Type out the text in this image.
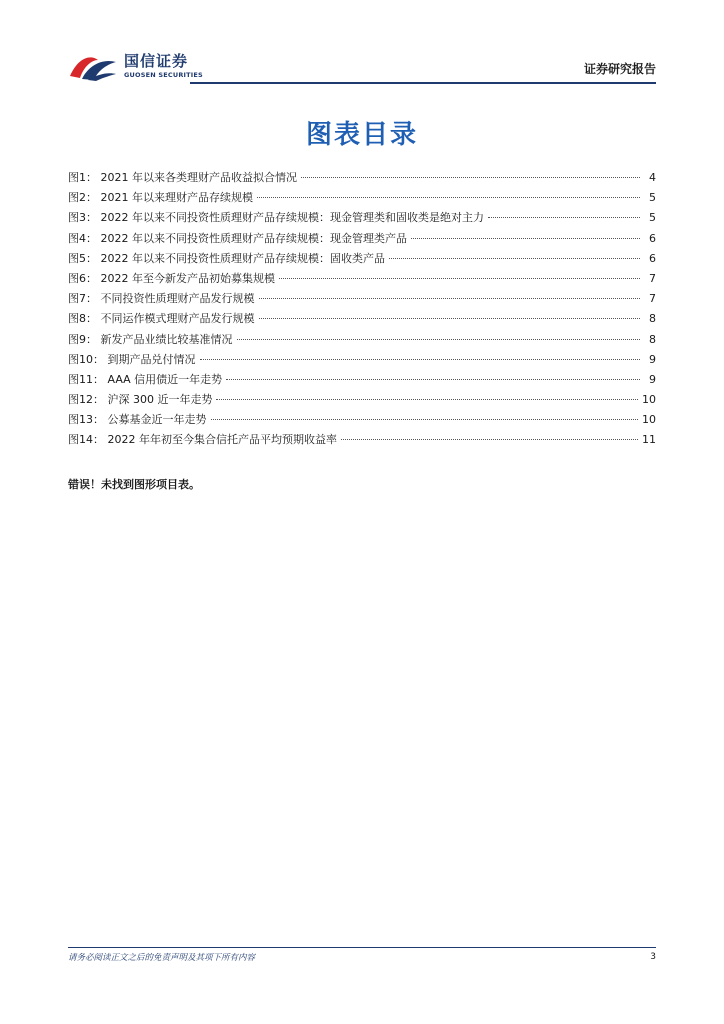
国信证券
GUOSEN SECURITIES	证券研究报告
图表目录
图1： 2021 年以来各类理财产品收益拟合情况	4
图2： 2021 年以来理财产品存续规模	5
图3： 2022 年以来不同投资性质理财产品存续规模：现金管理类和固收类是绝对主力	5
图4： 2022 年以来不同投资性质理财产品存续规模：现金管理类产品	6
图5： 2022 年以来不同投资性质理财产品存续规模：固收类产品	6
图6： 2022 年至今新发产品初始募集规模	7
图7： 不同投资性质理财产品发行规模	7
图8： 不同运作模式理财产品发行规模	8
图9： 新发产品业绩比较基准情况	8
图10： 到期产品兑付情况	9
图11： AAA 信用债近一年走势	9
图12： 沪深 300 近一年走势	10
图13： 公募基金近一年走势	10
图14： 2022 年年初至今集合信托产品平均预期收益率	11
错误！未找到图形项目表。
请务必阅读正文之后的免责声明及其项下所有内容	3
